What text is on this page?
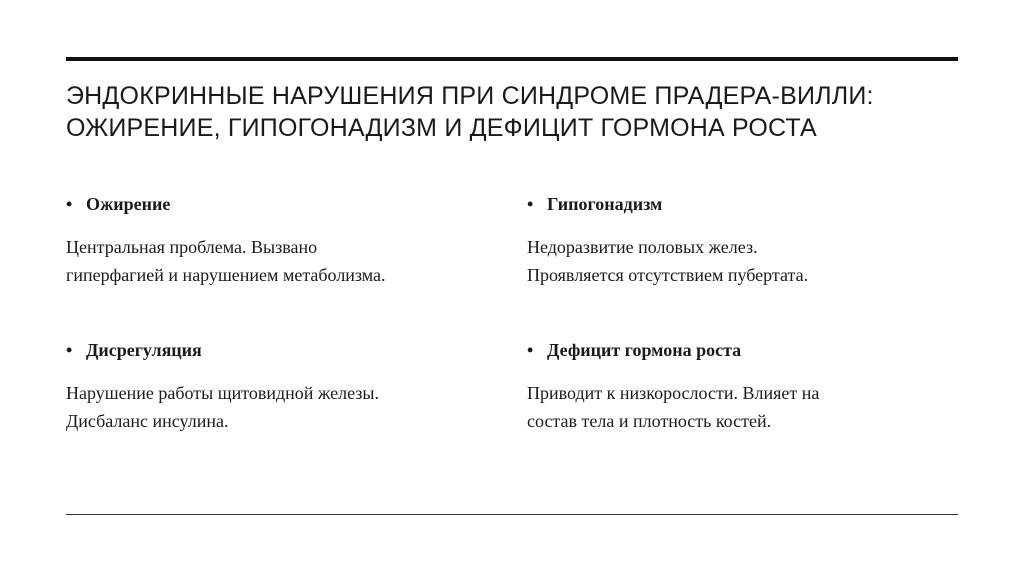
ЭНДОКРИННЫЕ НАРУШЕНИЯ ПРИ СИНДРОМЕ ПРАДЕРА-ВИЛЛИ:
ОЖИРЕНИЕ, ГИПОГОНАДИЗМ И ДЕФИЦИТ ГОРМОНА РОСТА
• Ожирение
Центральная проблема. Вызвано
гиперфагией и нарушением метаболизма.
• Гипогонадизм
Недоразвитие половых желез.
Проявляется отсутствием пубертата.
• Дисрегуляция
Нарушение работы щитовидной железы.
Дисбаланс инсулина.
• Дефицит гормона роста
Приводит к низкорослости. Влияет на
состав тела и плотность костей.
